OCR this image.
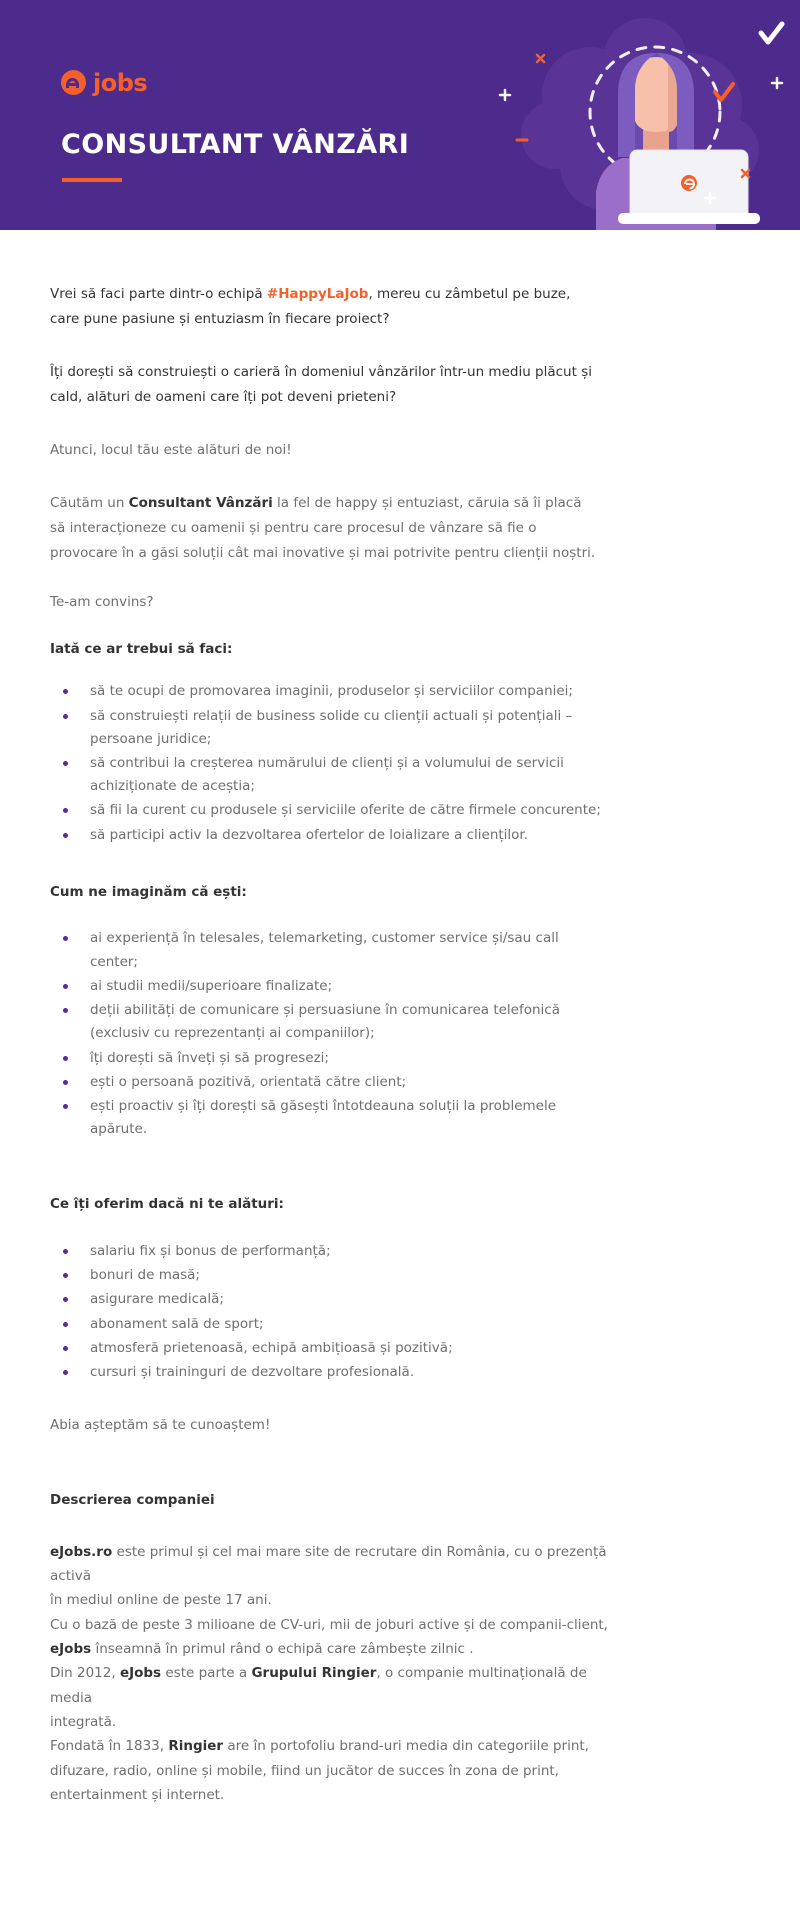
jobs
CONSULTANT VÂNZĂRI

Vrei să faci parte dintr-o echipă #HappyLaJob, mereu cu zâmbetul pe buze, care pune pasiune și entuziasm în fiecare proiect?

Îți dorești să construiești o carieră în domeniul vânzărilor într-un mediu plăcut și cald, alături de oameni care îți pot deveni prieteni?

Atunci, locul tău este alături de noi!

Căutăm un Consultant Vânzări la fel de happy și entuziast, căruia să îi placă să interacționeze cu oamenii și pentru care procesul de vânzare să fie o provocare în a găsi soluții cât mai inovative și mai potrivite pentru clienții noștri.

Te-am convins?

Iată ce ar trebui să faci:
să te ocupi de promovarea imaginii, produselor și serviciilor companiei;
să construiești relații de business solide cu clienții actuali și potențiali – persoane juridice;
să contribui la creșterea numărului de clienți și a volumului de servicii achiziționate de aceștia;
să fii la curent cu produsele și serviciile oferite de către firmele concurente;
să participi activ la dezvoltarea ofertelor de loializare a clienților.
Cum ne imaginăm că ești:
ai experiență în telesales, telemarketing, customer service și/sau call center;
ai studii medii/superioare finalizate;
deții abilități de comunicare și persuasiune în comunicarea telefonică (exclusiv cu reprezentanți ai companiilor);
îți dorești să înveți și să progresezi;
ești o persoană pozitivă, orientată către client;
ești proactiv și îți dorești să găsești întotdeauna soluții la problemele apărute.
Ce îți oferim dacă ni te alături:
salariu fix și bonus de performanță;
bonuri de masă;
asigurare medicală;
abonament sală de sport;
atmosferă prietenoasă, echipă ambițioasă și pozitivă;
cursuri și traininguri de dezvoltare profesională.

Abia așteptăm să te cunoaștem!

Descrierea companiei
eJobs.ro este primul și cel mai mare site de recrutare din România, cu o prezență activă
în mediul online de peste 17 ani.
Cu o bază de peste 3 milioane de CV-uri, mii de joburi active și de companii-client,
eJobs înseamnă în primul rând o echipă care zâmbește zilnic .
Din 2012, eJobs este parte a Grupului Ringier, o companie multinațională de media
integrată.
Fondată în 1833, Ringier are în portofoliu brand-uri media din categoriile print,
difuzare, radio, online și mobile, fiind un jucător de succes în zona de print,
entertainment și internet.
